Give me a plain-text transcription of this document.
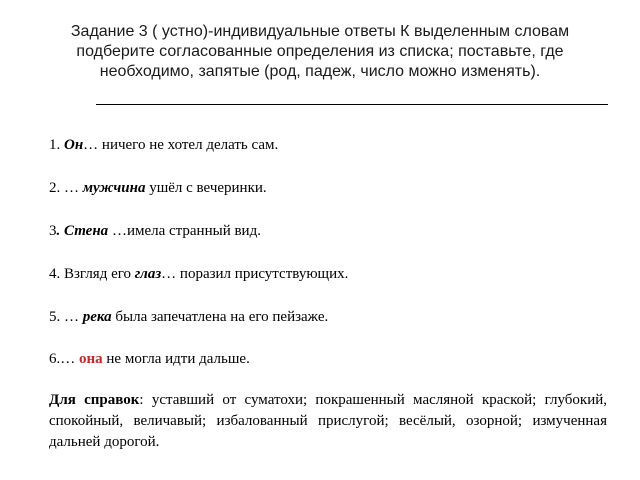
Задание 3 ( устно)-индивидуальные ответы К выделенным словам
подберите согласованные определения из списка; поставьте, где
необходимо, запятые (род, падеж, число можно изменять).
1. Он… ничего не хотел делать сам.
2. … мужчина ушёл с вечеринки.
3. Стена …имела странный вид.
4. Взгляд его глаз… поразил присутствующих.
5. … река была запечатлена на его пейзаже.
6.… она не могла идти дальше.
Для справок: уставший от суматохи; покрашенный масляной краской; глубокий, спокойный, величавый; избалованный прислугой; весёлый, озорной; измученная дальней дорогой.
